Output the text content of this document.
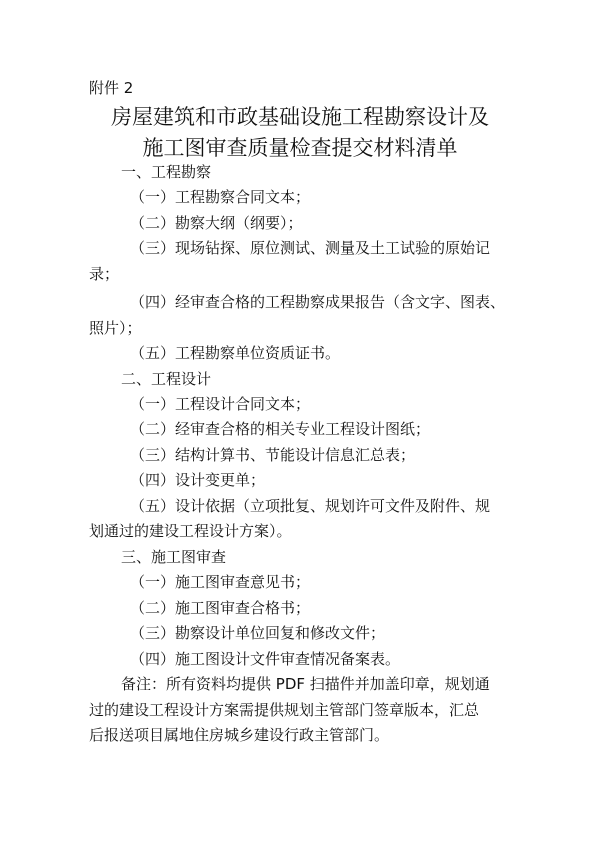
附件 2
房屋建筑和市政基础设施工程勘察设计及
施工图审查质量检查提交材料清单
一、工程勘察
（一）工程勘察合同文本；
（二）勘察大纲（纲要）；
（三）现场钻探、原位测试、测量及土工试验的原始记
录；
（四）经审查合格的工程勘察成果报告（含文字、图表、
照片）；
（五）工程勘察单位资质证书。
二、工程设计
（一）工程设计合同文本；
（二）经审查合格的相关专业工程设计图纸；
（三）结构计算书、节能设计信息汇总表；
（四）设计变更单；
（五）设计依据（立项批复、规划许可文件及附件、规
划通过的建设工程设计方案）。
三、施工图审查
（一）施工图审查意见书；
（二）施工图审查合格书；
（三）勘察设计单位回复和修改文件；
（四）施工图设计文件审查情况备案表。
备注：所有资料均提供 PDF 扫描件并加盖印章，规划通
过的建设工程设计方案需提供规划主管部门签章版本，汇总
后报送项目属地住房城乡建设行政主管部门。
